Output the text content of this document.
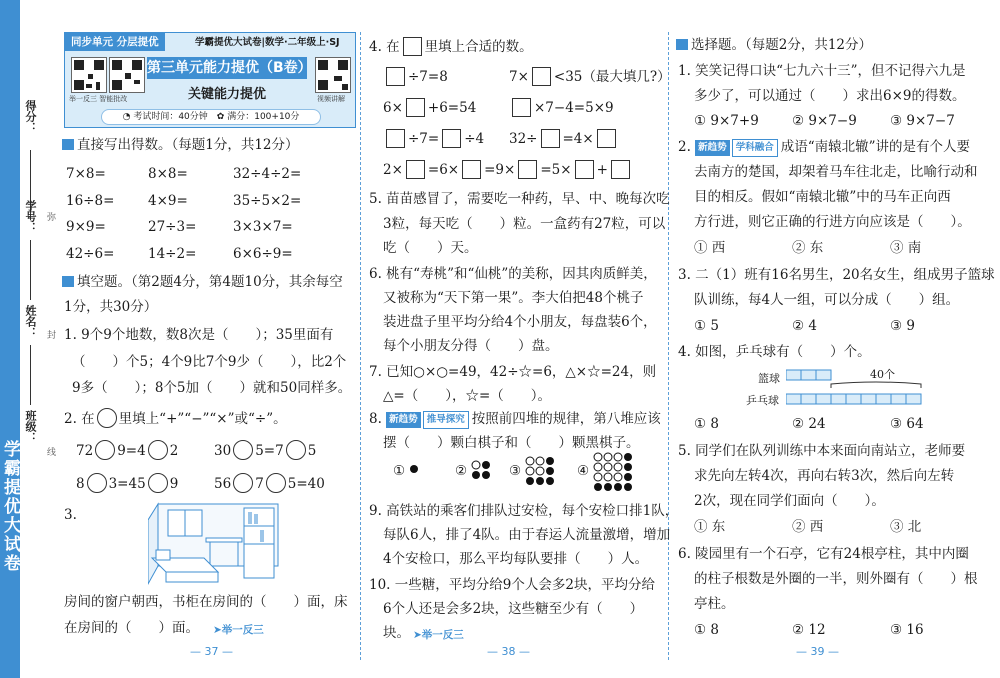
学霸提优大试卷
得分：
学号：
姓名：
班级：
弥
封
线
同步单元 分层提优	学霸提优大试卷|数学·二年级上·SJ
举一反三 智能批改
第三单元能力提优（B卷）
关键能力提优	视频讲解
◔ 考试时间：40分钟　 ✿ 满分：100+10分
直接写出得数。（每题1分，共12分）
7×8=	8×8=	32÷4÷2=
16÷8= 4×9=	35÷5×2=
9×9=	27÷3=	3×3×7=
42÷6= 14÷2=	6×6÷9=
填空题。（第2题4分，第4题10分，其余每空
1分，共30分）
1. 9个9个地数，数8次是（　　）；35里面有
（　　）个5；4个9比7个9少（　　），比2个
9多（　　）；8个5加（　　）就和50同样多。
2. 在 里填上“+”“−”“×”或“÷”。
72 9=4 2	30 5=7 5
8 3=45 9	56 7 5=40
3.
房间的窗户朝西，书柜在房间的（　　）面，床
在房间的（　　）面。 ➤举一反三
— 37 —
4. 在 里填上合适的数。
÷7=8	7× <35（最大填几?）
6× +6=54	×7−4=5×9
÷7= ÷4 32÷ =4×
2× =6× =9× =5× +
5. 苗苗感冒了，需要吃一种药，早、中、晚每次吃
3粒，每天吃（　　）粒。一盒药有27粒，可以
吃（　　）天。
6. 桃有“寿桃”和“仙桃”的美称，因其肉质鲜美，
又被称为“天下第一果”。李大伯把48个桃子
装进盘子里平均分给4个小朋友，每盘装6个，
每个小朋友分得（　　）盘。
7. 已知○×○=49，42÷☆=6，△×☆=24，则
△=（　　），☆=（　　）。
8. 新趋势 推导探究 按照前四堆的规律，第八堆应该
摆（　　）颗白棋子和（　　）颗黑棋子。
①	②	③	④
9. 高铁站的乘客们排队过安检，每个安检口排1队，
每队6人，排了4队。由于春运人流量激增，增加
4个安检口，那么平均每队要排（　　）人。
10. 一些糖，平均分给9个人会多2块，平均分给
6个人还是会多2块，这些糖至少有（　　）
块。 ➤举一反三
— 38 —
选择题。（每题2分，共12分）
1. 笑笑记得口诀“七九六十三”，但不记得六九是
多少了，可以通过（　　）求出6×9的得数。
① 9×7+9 ② 9×7−9 ③ 9×7−7
2. 新趋势 学科融合 成语“南辕北辙”讲的是有个人要
去南方的楚国，却架着马车往北走，比喻行动和
目的相反。假如“南辕北辙”中的马车正向西
方行进，则它正确的行进方向应该是（　　）。
① 西	② 东	③ 南
3. 二（1）班有16名男生，20名女生，组成男子篮球
队训练，每4人一组，可以分成（　　）组。
① 5	② 4	③ 9
4. 如图，乒乓球有（　　）个。
篮球
乒乓球
40个
① 8	② 24	③ 64
5. 同学们在队列训练中本来面向南站立，老师要
求先向左转4次，再向右转3次，然后向左转
2次，现在同学们面向（　　）。
① 东	② 西	③ 北
6. 陵园里有一个石亭，它有24根亭柱，其中内圈
的柱子根数是外圈的一半，则外圈有（　　）根
亭柱。
① 8	② 12	③ 16
— 39 —
